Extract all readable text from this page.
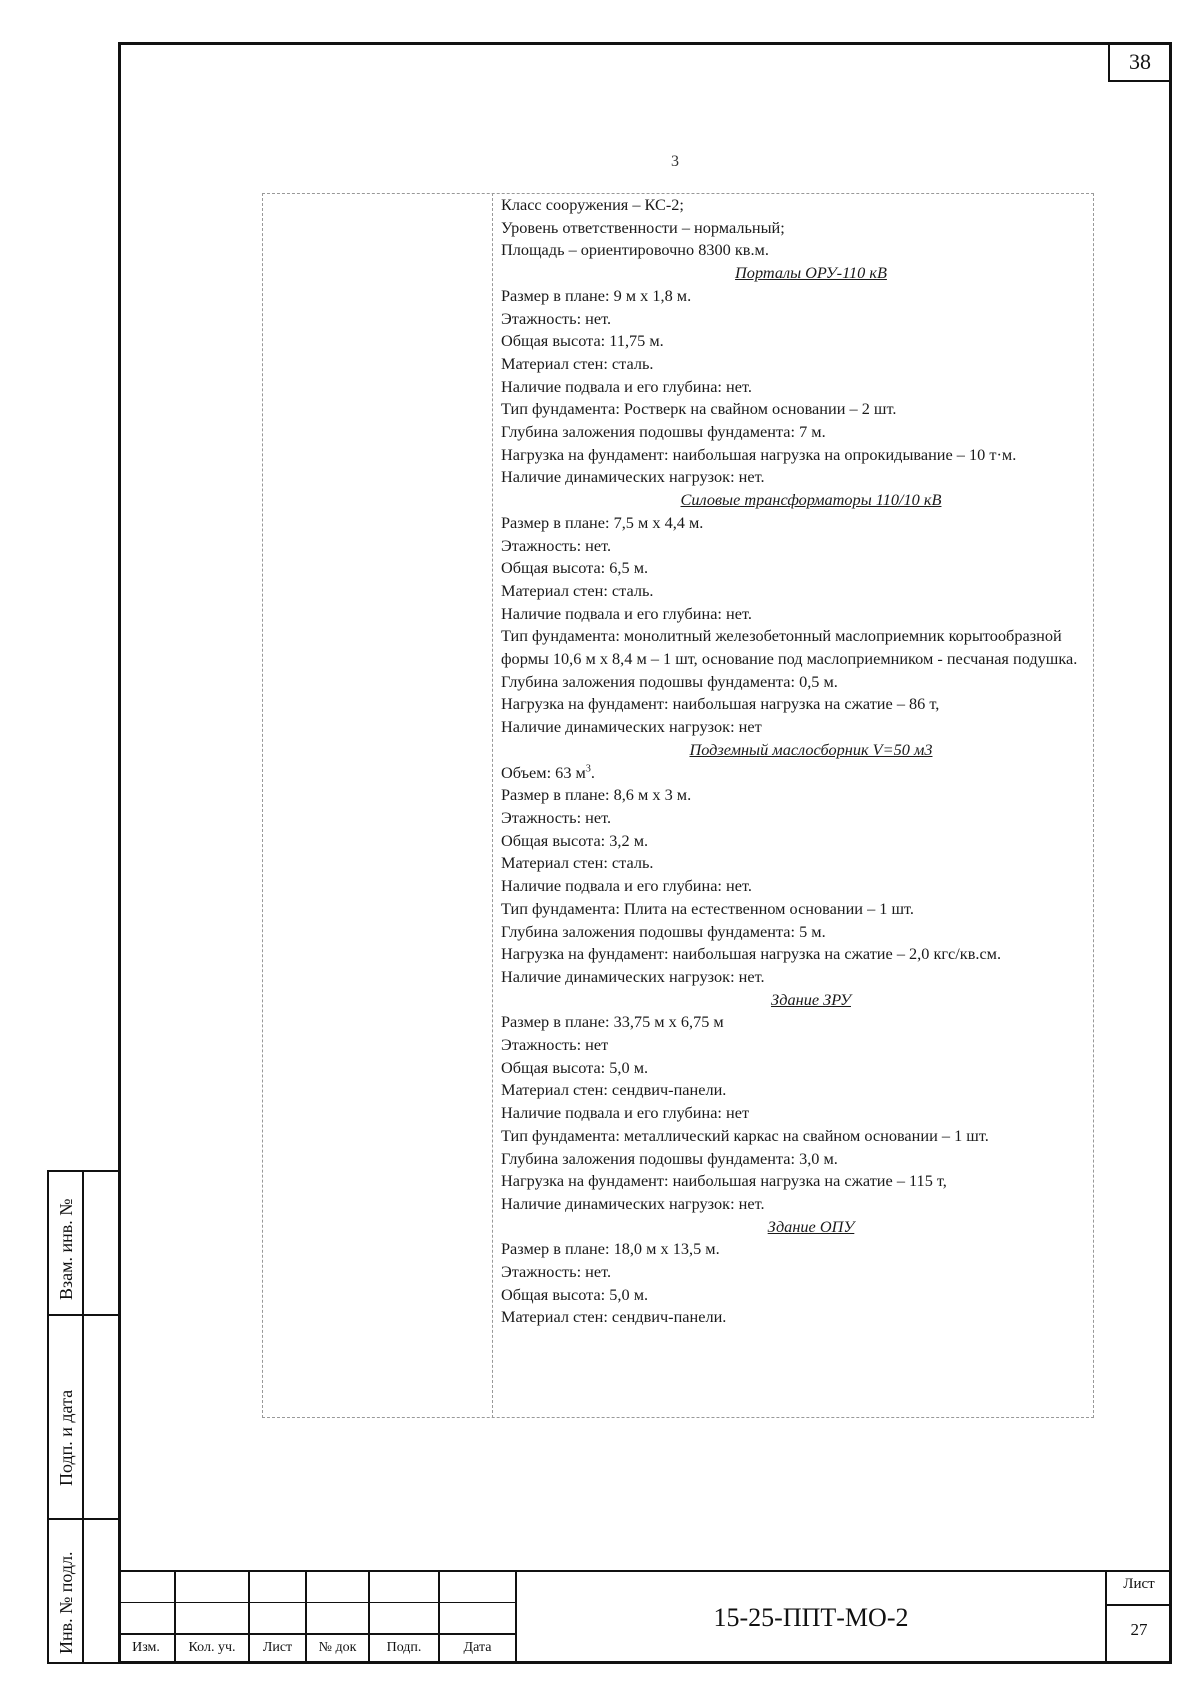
38
Взам. инв. №
Подп. и дата
Инв. № подл.
3
Класс сооружения – КС-2;
Уровень ответственности – нормальный;
Площадь – ориентировочно 8300 кв.м.
Порталы ОРУ-110 кВ
Размер в плане: 9 м х 1,8 м.
Этажность: нет.
Общая высота: 11,75 м.
Материал стен: сталь.
Наличие подвала и его глубина: нет.
Тип фундамента: Ростверк на свайном основании – 2 шт.
Глубина заложения подошвы фундамента: 7 м.
Нагрузка на фундамент: наибольшая нагрузка на опрокидывание – 10 т·м.
Наличие динамических нагрузок: нет.
Силовые трансформаторы 110/10 кВ
Размер в плане: 7,5 м х 4,4 м.
Этажность: нет.
Общая высота: 6,5 м.
Материал стен: сталь.
Наличие подвала и его глубина: нет.
Тип фундамента: монолитный железобетонный маслоприемник корытообразной формы 10,6 м х 8,4 м – 1 шт, основание под маслоприемником - песчаная подушка.
Глубина заложения подошвы фундамента: 0,5 м.
Нагрузка на фундамент: наибольшая нагрузка на сжатие – 86 т,
Наличие динамических нагрузок: нет
Подземный маслосборник V=50 м3
Объем: 63 $м^3$.
Размер в плане: 8,6 м х 3 м.
Этажность: нет.
Общая высота: 3,2 м.
Материал стен: сталь.
Наличие подвала и его глубина: нет.
Тип фундамента: Плита на естественном основании – 1 шт.
Глубина заложения подошвы фундамента: 5 м.
Нагрузка на фундамент: наибольшая нагрузка на сжатие – 2,0 кгс/кв.см.
Наличие динамических нагрузок: нет.
Здание ЗРУ
Размер в плане: 33,75 м х 6,75 м
Этажность: нет
Общая высота: 5,0 м.
Материал стен: сендвич-панели.
Наличие подвала и его глубина: нет
Тип фундамента: металлический каркас на свайном основании – 1 шт.
Глубина заложения подошвы фундамента: 3,0 м.
Нагрузка на фундамент: наибольшая нагрузка на сжатие – 115 т,
Наличие динамических нагрузок: нет.
Здание ОПУ
Размер в плане: 18,0 м х 13,5 м.
Этажность: нет.
Общая высота: 5,0 м.
Материал стен: сендвич-панели.
Изм.	Кол. уч.	Лист	№ док	Подп.	Дата
15-25-ППТ-МО-2
Лист
27
